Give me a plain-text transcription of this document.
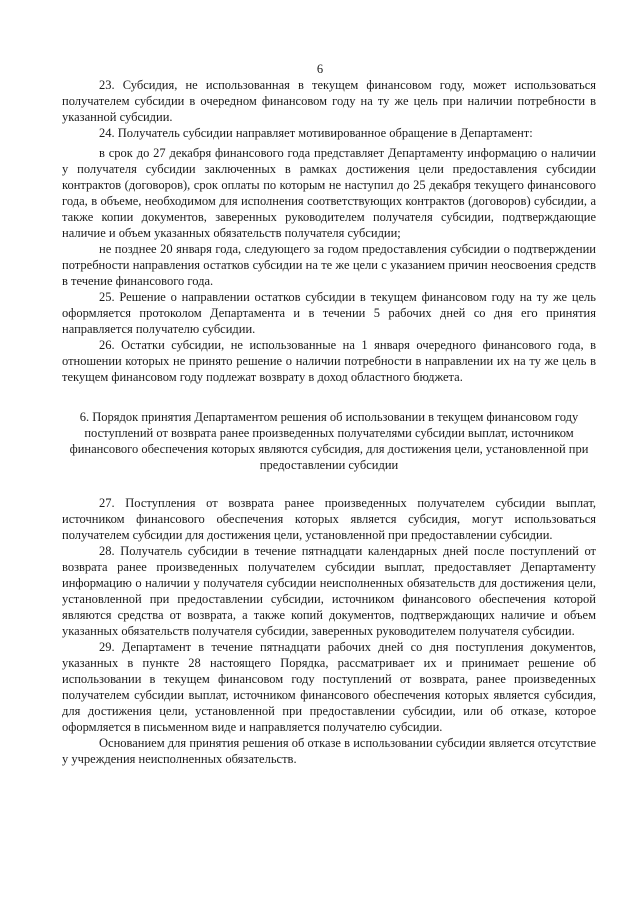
6

23. Субсидия, не использованная в текущем финансовом году, может использоваться получателем субсидии в очередном финансовом году на ту же цель при наличии потребности в указанной субсидии.

24. Получатель субсидии направляет мотивированное обращение в Департамент:

в срок до 27 декабря финансового года представляет Департаменту информацию о наличии у получателя субсидии заключенных в рамках достижения цели предоставления субсидии контрактов (договоров), срок оплаты по которым не наступил до 25 декабря текущего финансового года, в объеме, необходимом для исполнения соответствующих контрактов (договоров) субсидии, а также копии документов, заверенных руководителем получателя субсидии, подтверждающие наличие и объем указанных обязательств получателя субсидии;

не позднее 20 января года, следующего за годом предоставления субсидии о подтверждении потребности направления остатков субсидии на те же цели с указанием причин неосвоения средств в течение финансового года.

25. Решение о направлении остатков субсидии в текущем финансовом году на ту же цель оформляется протоколом Департамента и в течении 5 рабочих дней со дня его принятия направляется получателю субсидии.

26. Остатки субсидии, не использованные на 1 января очередного финансового года, в отношении которых не принято решение о наличии потребности в направлении их на ту же цель в текущем финансовом году подлежат возврату в доход областного бюджета.

6. Порядок принятия Департаментом решения об использовании в текущем финансовом году поступлений от возврата ранее произведенных получателями субсидии выплат, источником финансового обеспечения которых являются субсидия, для достижения цели, установленной при предоставлении субсидии

27. Поступления от возврата ранее произведенных получателем субсидии выплат, источником финансового обеспечения которых является субсидия, могут использоваться получателем субсидии для достижения цели, установленной при предоставлении субсидии.

28. Получатель субсидии в течение пятнадцати календарных дней после поступлений от возврата ранее произведенных получателем субсидии выплат, предоставляет Департаменту информацию о наличии у получателя субсидии неисполненных обязательств для достижения цели, установленной при предоставлении субсидии, источником финансового обеспечения которой являются средства от возврата, а также копий документов, подтверждающих наличие и объем указанных обязательств получателя субсидии, заверенных руководителем получателя субсидии.

29. Департамент в течение пятнадцати рабочих дней со дня поступления документов, указанных в пункте 28 настоящего Порядка, рассматривает их и принимает решение об использовании в текущем финансовом году поступлений от возврата, ранее произведенных получателем субсидии выплат, источником финансового обеспечения которых является субсидия, для достижения цели, установленной при предоставлении субсидии, или об отказе, которое оформляется в письменном виде и направляется получателю субсидии.

Основанием для принятия решения об отказе в использовании субсидии является отсутствие у учреждения неисполненных обязательств.
